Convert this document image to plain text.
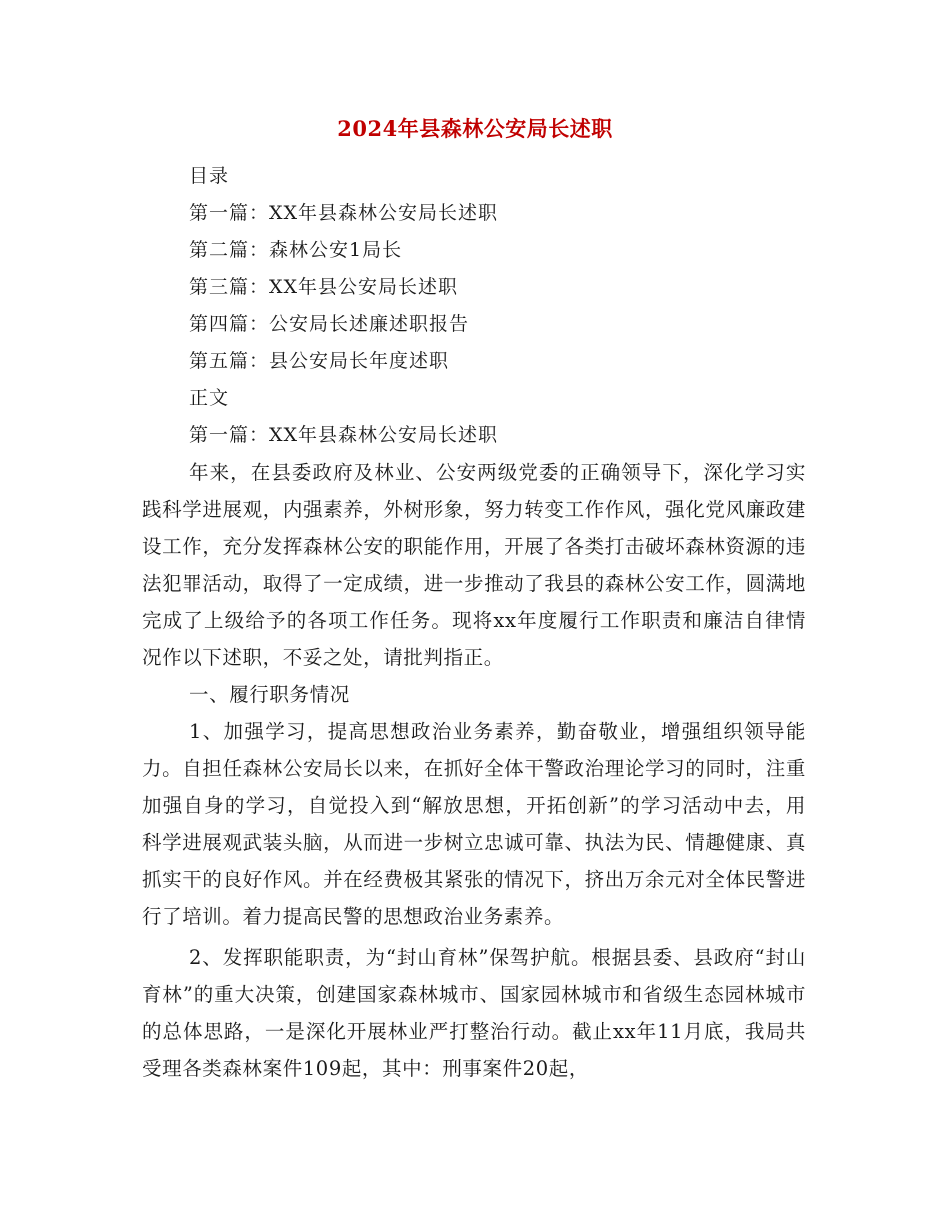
2024年县森林公安局长述职
目录
第一篇：XX年县森林公安局长述职
第二篇：森林公安1局长
第三篇：XX年县公安局长述职
第四篇：公安局长述廉述职报告
第五篇：县公安局长年度述职
正文
第一篇：XX年县森林公安局长述职

年来，在县委政府及林业、公安两级党委的正确领导下，深化学习实践科学进展观，内强素养，外树形象，努力转变工作作风，强化党风廉政建设工作，充分发挥森林公安的职能作用，开展了各类打击破坏森林资源的违法犯罪活动，取得了一定成绩，进一步推动了我县的森林公安工作，圆满地完成了上级给予的各项工作任务。现将xx年度履行工作职责和廉洁自律情况作以下述职，不妥之处，请批判指正。

一、履行职务情况

1、加强学习，提高思想政治业务素养，勤奋敬业，增强组织领导能力。自担任森林公安局长以来，在抓好全体干警政治理论学习的同时，注重加强自身的学习，自觉投入到“解放思想，开拓创新”的学习活动中去，用科学进展观武装头脑，从而进一步树立忠诚可靠、执法为民、情趣健康、真抓实干的良好作风。并在经费极其紧张的情况下，挤出万余元对全体民警进行了培训。着力提高民警的思想政治业务素养。

2、发挥职能职责，为“封山育林”保驾护航。根据县委、县政府“封山育林”的重大决策，创建国家森林城市、国家园林城市和省级生态园林城市的总体思路，一是深化开展林业严打整治行动。截止xx年11月底，我局共受理各类森林案件109起，其中：刑事案件20起，
